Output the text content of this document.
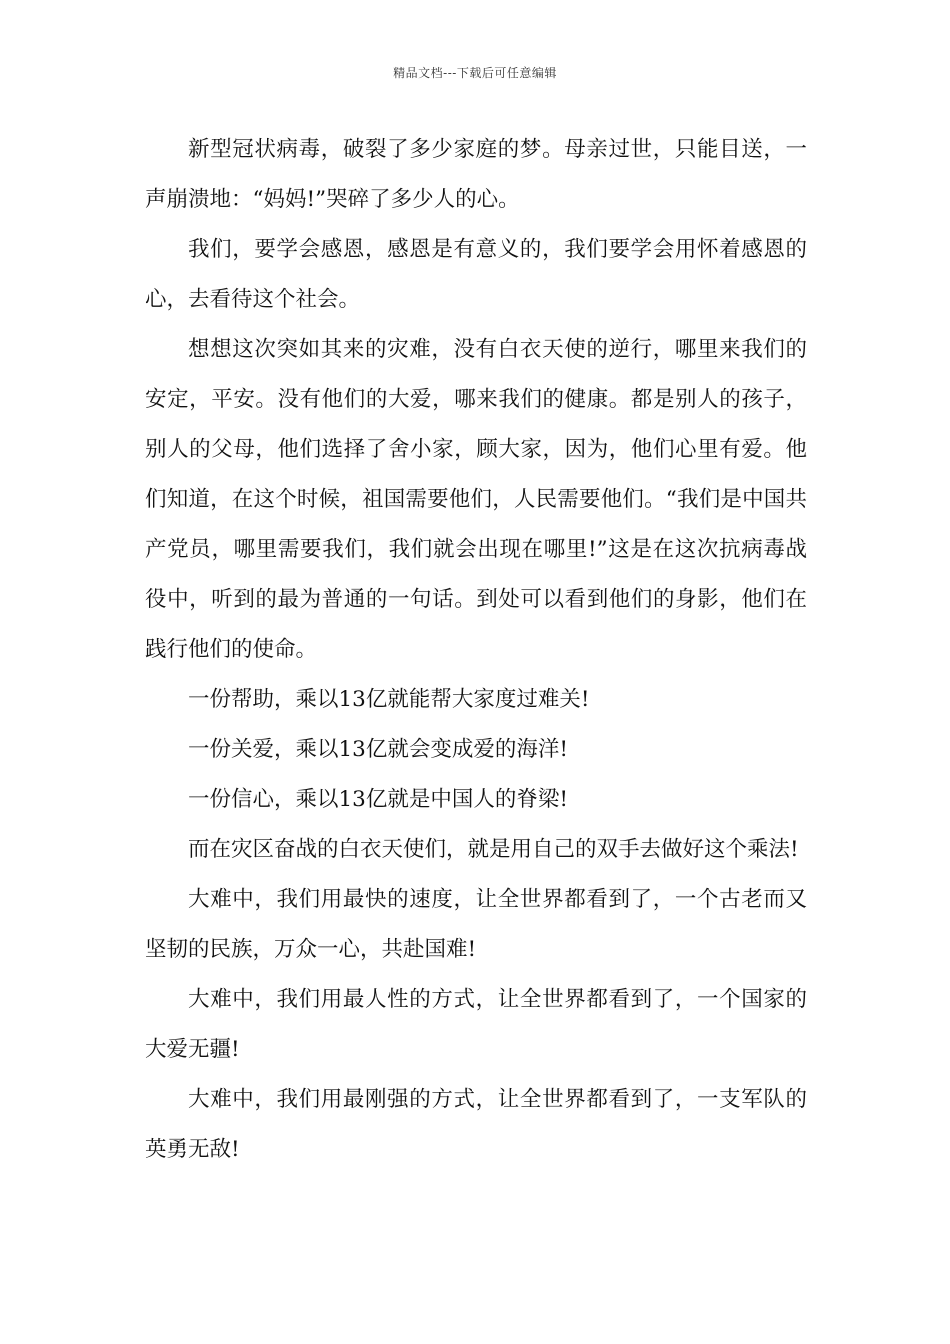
精品文档---下载后可任意编辑

新型冠状病毒，破裂了多少家庭的梦。母亲过世，只能目送，一声崩溃地：“妈妈!”哭碎了多少人的心。

我们，要学会感恩，感恩是有意义的，我们要学会用怀着感恩的心，去看待这个社会。

想想这次突如其来的灾难，没有白衣天使的逆行，哪里来我们的安定，平安。没有他们的大爱，哪来我们的健康。都是别人的孩子，别人的父母，他们选择了舍小家，顾大家，因为，他们心里有爱。他们知道，在这个时候，祖国需要他们，人民需要他们。“我们是中国共产党员，哪里需要我们，我们就会出现在哪里!”这是在这次抗病毒战役中，听到的最为普通的一句话。到处可以看到他们的身影，他们在践行他们的使命。

一份帮助，乘以13亿就能帮大家度过难关!

一份关爱，乘以13亿就会变成爱的海洋!

一份信心，乘以13亿就是中国人的脊梁!

而在灾区奋战的白衣天使们，就是用自己的双手去做好这个乘法!

大难中，我们用最快的速度，让全世界都看到了，一个古老而又坚韧的民族，万众一心，共赴国难!

大难中，我们用最人性的方式，让全世界都看到了，一个国家的大爱无疆!

大难中，我们用最刚强的方式，让全世界都看到了，一支军队的英勇无敌!
